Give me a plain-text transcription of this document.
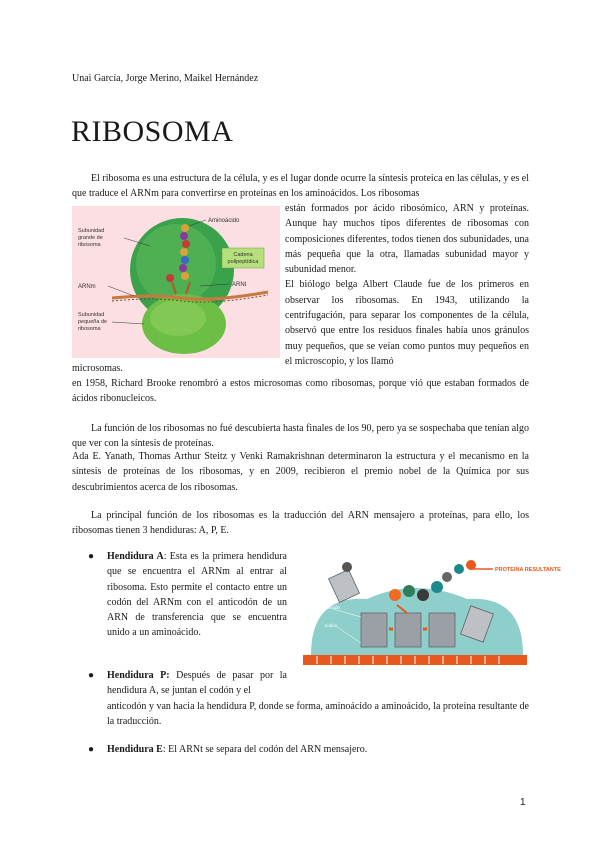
Unai García, Jorge Merino, Maikel Hernández
RIBOSOMA

El ribosoma es una estructura de la célula, y es el lugar donde ocurre la síntesis proteica en las células, y es el que traduce el ARNm para convertirse en proteínas en los aminoácidos. Los ribosomas

Cadena
polipeptídica
Aminoácido
Subunidad grande de ribosoma
ARNt
ARNm
Subunidad pequeña de ribosoma

están formados por ácido ribosómico, ARN y proteínas. Aunque hay muchos tipos diferentes de ribosomas con composiciones diferentes, todos tienen dos subunidades, una más pequeña que la otra, llamadas subunidad mayor y subunidad menor.

El biólogo belga Albert Claude fue de los primeros en observar los ribosomas. En 1943, utilizando la centrifugación, para separar los componentes de la célula, observó que entre los residuos finales había unos gránulos muy pequeños, que se veían como puntos muy pequeños en el microscopio, y los llamó

microsomas.

en 1958, Richard Brooke renombró a estos microsomas como ribosomas, porque vió que estaban formados de ácidos ribonucleicos.

La función de los ribosomas no fué descubierta hasta finales de los 90, pero ya se sospechaba que tenían algo que ver con la síntesis de proteínas.

Ada E. Yanath, Thomas Arthur Steitz y Venki Ramakrishnan determinaron la estructura y el mecanismo en la síntesis de proteínas de los ribosomas, y en 2009, recibieron el premio nobel de la Química por sus descubrimientos acerca de los ribosomas.

La principal función de los ribosomas es la traducción del ARN mensajero a proteínas, para ello, los ribosomas tienen 3 hendiduras: A, P, E.

● Hendidura A: Esta es la primera hendidura que se encuentra el ARNm al entrar al ribosoma. Esto permite el contacto entre un codón del ARNm con el anticodón de un ARN de transferencia que se encuentra unido a un aminoácido.
PROTEINA RESULTANTE
ARNM
aminoácido
codón
● Hendidura P: Después de pasar por la hendidura A, se juntan el codón y el
anticodón y van hacia la hendidura P, donde se forma, aminoácido a aminoácido, la proteína resultante de la traducción.
● Hendidura E: El ARNt se separa del codón del ARN mensajero.
1
